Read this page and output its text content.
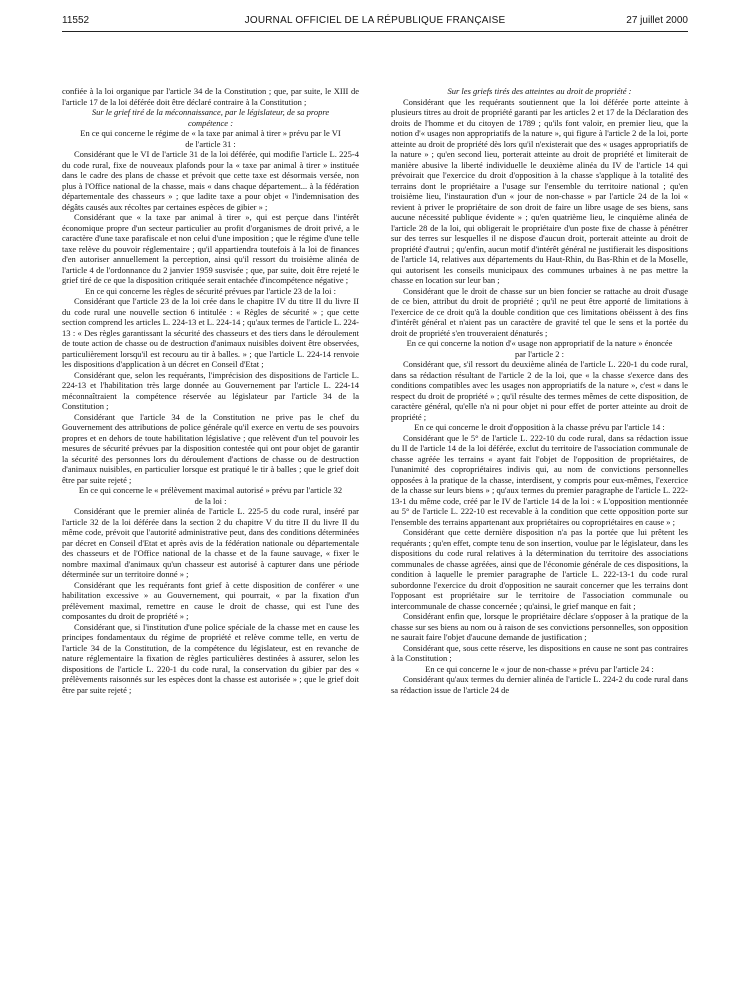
11552	JOURNAL OFFICIEL DE LA RÉPUBLIQUE FRANÇAISE	27 juillet 2000

confiée à la loi organique par l'article 34 de la Constitution ; que, par suite, le XIII de l'article 17 de la loi déférée doit être déclaré contraire à la Constitution ;

Sur le grief tiré de la méconnaissance, par le législateur, de sa propre compétence :

En ce qui concerne le régime de « la taxe par animal à tirer » prévu par le VI de l'article 31 :

Considérant que le VI de l'article 31 de la loi déférée, qui modifie l'article L. 225-4 du code rural, fixe de nouveaux plafonds pour la « taxe par animal à tirer » instituée dans le cadre des plans de chasse et prévoit que cette taxe est désormais versée, non plus à l'Office national de la chasse, mais « dans chaque département... à la fédération départementale des chasseurs » ; que ladite taxe a pour objet « l'indemnisation des dégâts causés aux récoltes par certaines espèces de gibier » ;

Considérant que « la taxe par animal à tirer », qui est perçue dans l'intérêt économique propre d'un secteur particulier au profit d'organismes de droit privé, a le caractère d'une taxe parafiscale et non celui d'une imposition ; que le régime d'une telle taxe relève du pouvoir réglementaire ; qu'il appartiendra toutefois à la loi de finances d'en autoriser annuellement la perception, ainsi qu'il ressort du troisième alinéa de l'article 4 de l'ordonnance du 2 janvier 1959 susvisée ; que, par suite, doit être rejeté le grief tiré de ce que la disposition critiquée serait entachée d'incompétence négative ;

En ce qui concerne les règles de sécurité prévues par l'article 23 de la loi :

Considérant que l'article 23 de la loi crée dans le chapitre IV du titre II du livre II du code rural une nouvelle section 6 intitulée : « Règles de sécurité » ; que cette section comprend les articles L. 224-13 et L. 224-14 ; qu'aux termes de l'article L. 224-13 : « Des règles garantissant la sécurité des chasseurs et des tiers dans le déroulement de toute action de chasse ou de destruction d'animaux nuisibles doivent être observées, particulièrement lorsqu'il est recouru au tir à balles. » ; que l'article L. 224-14 renvoie les dispositions d'application à un décret en Conseil d'Etat ;

Considérant que, selon les requérants, l'imprécision des dispositions de l'article L. 224-13 et l'habilitation très large donnée au Gouvernement par l'article L. 224-14 méconnaîtraient la compétence réservée au législateur par l'article 34 de la Constitution ;

Considérant que l'article 34 de la Constitution ne prive pas le chef du Gouvernement des attributions de police générale qu'il exerce en vertu de ses pouvoirs propres et en dehors de toute habilitation législative ; que relèvent d'un tel pouvoir les mesures de sécurité prévues par la disposition contestée qui ont pour objet de garantir la sécurité des personnes lors du déroulement d'actions de chasse ou de destruction d'animaux nuisibles, en particulier lorsque est pratiqué le tir à balles ; que le grief doit être par suite rejeté ;

En ce qui concerne le « prélèvement maximal autorisé » prévu par l'article 32 de la loi :

Considérant que le premier alinéa de l'article L. 225-5 du code rural, inséré par l'article 32 de la loi déférée dans la section 2 du chapitre V du titre II du livre II du même code, prévoit que l'autorité administrative peut, dans des conditions déterminées par décret en Conseil d'Etat et après avis de la fédération nationale ou départementale des chasseurs et de l'Office national de la chasse et de la faune sauvage, « fixer le nombre maximal d'animaux qu'un chasseur est autorisé à capturer dans une période déterminée sur un territoire donné » ;

Considérant que les requérants font grief à cette disposition de conférer « une habilitation excessive » au Gouvernement, qui pourrait, « par la fixation d'un prélèvement maximal, remettre en cause le droit de chasse, qui est l'une des composantes du droit de propriété » ;

Considérant que, si l'institution d'une police spéciale de la chasse met en cause les principes fondamentaux du régime de propriété et relève comme telle, en vertu de l'article 34 de la Constitution, de la compétence du législateur, est en revanche de nature réglementaire la fixation de règles particulières destinées à assurer, selon les dispositions de l'article L. 220-1 du code rural, la conservation du gibier par des « prélèvements raisonnés sur les espèces dont la chasse est autorisée » ; que le grief doit être par suite rejeté ;

Sur les griefs tirés des atteintes au droit de propriété :

Considérant que les requérants soutiennent que la loi déférée porte atteinte à plusieurs titres au droit de propriété garanti par les articles 2 et 17 de la Déclaration des droits de l'homme et du citoyen de 1789 ; qu'ils font valoir, en premier lieu, que la notion d'« usages non appropriatifs de la nature », qui figure à l'article 2 de la loi, porte atteinte au droit de propriété dès lors qu'il n'existerait que des « usages appropriatifs de la nature » ; qu'en second lieu, porterait atteinte au droit de propriété et limiterait de manière abusive la liberté individuelle le deuxième alinéa du IV de l'article 14 qui prévoirait que l'exercice du droit d'opposition à la chasse s'applique à la totalité des terrains dont le propriétaire a l'usage sur l'ensemble du territoire national ; qu'en troisième lieu, l'instauration d'un « jour de non-chasse » par l'article 24 de la loi « revient à priver le propriétaire de son droit de faire un libre usage de ses biens, sans aucune nécessité publique évidente » ; qu'en quatrième lieu, le cinquième alinéa de l'article 28 de la loi, qui obligerait le propriétaire d'un poste fixe de chasse à pénétrer sur des terres sur lesquelles il ne dispose d'aucun droit, porterait atteinte au droit de propriété d'autrui ; qu'enfin, aucun motif d'intérêt général ne justifierait les dispositions de l'article 14, relatives aux départements du Haut-Rhin, du Bas-Rhin et de la Moselle, qui autorisent les conseils municipaux des communes urbaines à ne pas mettre la chasse en location sur leur ban ;

Considérant que le droit de chasse sur un bien foncier se rattache au droit d'usage de ce bien, attribut du droit de propriété ; qu'il ne peut être apporté de limitations à l'exercice de ce droit qu'à la double condition que ces limitations obéissent à des fins d'intérêt général et n'aient pas un caractère de gravité tel que le sens et la portée du droit de propriété s'en trouveraient dénaturés ;

En ce qui concerne la notion d'« usage non appropriatif de la nature » énoncée par l'article 2 :

Considérant que, s'il ressort du deuxième alinéa de l'article L. 220-1 du code rural, dans sa rédaction résultant de l'article 2 de la loi, que « la chasse s'exerce dans des conditions compatibles avec les usages non appropriatifs de la nature », c'est « dans le respect du droit de propriété » ; qu'il résulte des termes mêmes de cette disposition, de caractère général, qu'elle n'a ni pour objet ni pour effet de porter atteinte au droit de propriété ;

En ce qui concerne le droit d'opposition à la chasse prévu par l'article 14 :

Considérant que le 5° de l'article L. 222-10 du code rural, dans sa rédaction issue du II de l'article 14 de la loi déférée, exclut du territoire de l'association communale de chasse agréée les terrains « ayant fait l'objet de l'opposition de propriétaires, de l'unanimité des copropriétaires indivis qui, au nom de convictions personnelles opposées à la pratique de la chasse, interdisent, y compris pour eux-mêmes, l'exercice de la chasse sur leurs biens » ; qu'aux termes du premier paragraphe de l'article L. 222-13-1 du même code, créé par le IV de l'article 14 de la loi : « L'opposition mentionnée au 5° de l'article L. 222-10 est recevable à la condition que cette opposition porte sur l'ensemble des terrains appartenant aux propriétaires ou copropriétaires en cause » ;

Considérant que cette dernière disposition n'a pas la portée que lui prêtent les requérants ; qu'en effet, compte tenu de son insertion, voulue par le législateur, dans les dispositions du code rural relatives à la détermination du territoire des associations communales de chasse agréées, ainsi que de l'économie générale de ces dispositions, la condition à laquelle le premier paragraphe de l'article L. 222-13-1 du code rural subordonne l'exercice du droit d'opposition ne saurait concerner que les terrains dont l'opposant est propriétaire sur le territoire de l'association communale ou intercommunale de chasse concernée ; qu'ainsi, le grief manque en fait ;

Considérant enfin que, lorsque le propriétaire déclare s'opposer à la pratique de la chasse sur ses biens au nom ou à raison de ses convictions personnelles, son opposition ne saurait faire l'objet d'aucune demande de justification ;

Considérant que, sous cette réserve, les dispositions en cause ne sont pas contraires à la Constitution ;

En ce qui concerne le « jour de non-chasse » prévu par l'article 24 :

Considérant qu'aux termes du dernier alinéa de l'article L. 224-2 du code rural dans sa rédaction issue de l'article 24 de
